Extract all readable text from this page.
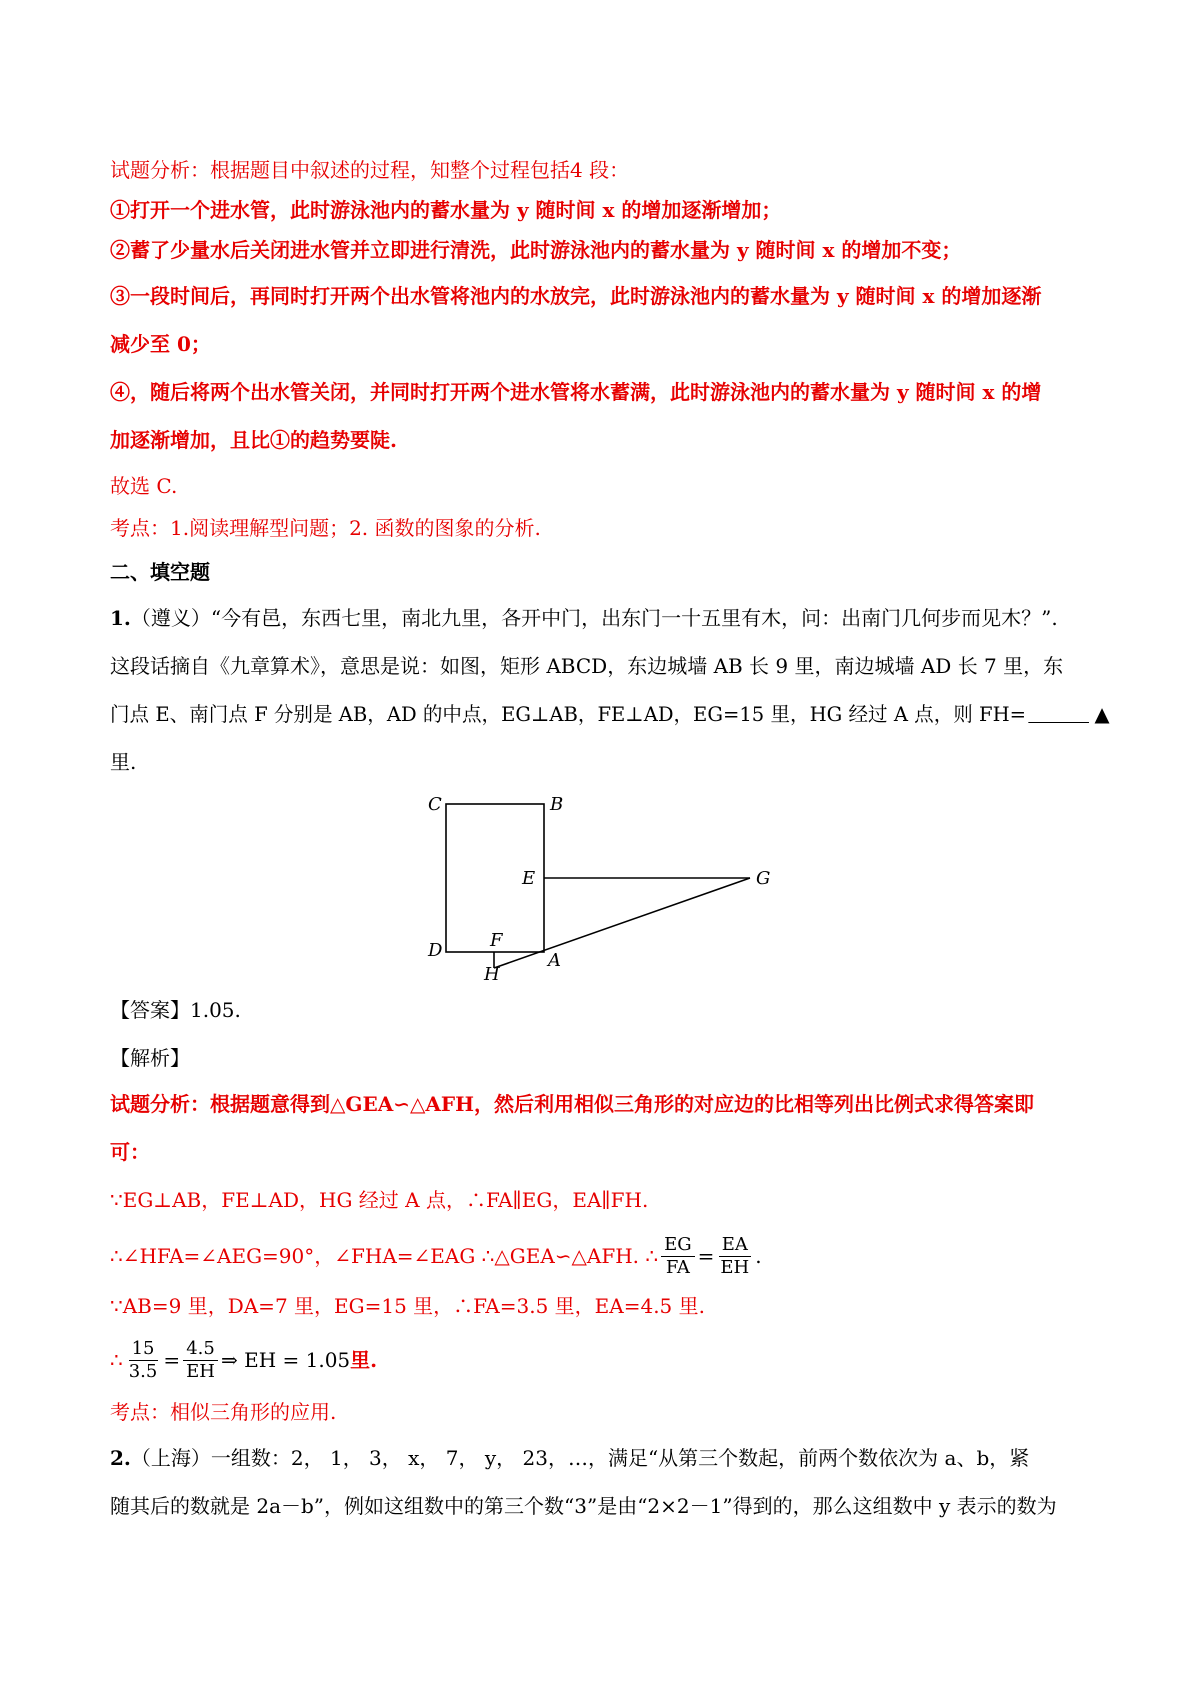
试题分析：根据题目中叙述的过程，知整个过程包括4 段：
①打开一个进水管，此时游泳池内的蓄水量为 y 随时间 x 的增加逐渐增加；
②蓄了少量水后关闭进水管并立即进行清洗，此时游泳池内的蓄水量为 y 随时间 x 的增加不变；
③一段时间后，再同时打开两个出水管将池内的水放完，此时游泳池内的蓄水量为 y 随时间 x 的增加逐渐
减少至 0；
④，随后将两个出水管关闭，并同时打开两个进水管将水蓄满，此时游泳池内的蓄水量为 y 随时间 x 的增
加逐渐增加，且比①的趋势要陡.
故选 C.
考点：1.阅读理解型问题；2. 函数的图象的分析.
二、填空题
1.（遵义）“今有邑，东西七里，南北九里，各开中门，出东门一十五里有木，问：出南门几何步而见木？”.
这段话摘自《九章算术》，意思是说：如图，矩形 ABCD，东边城墙 AB 长 9 里，南边城墙 AD 长 7 里，东
门点 E、南门点 F 分别是 AB，AD 的中点，EG⊥AB，FE⊥AD，EG=15 里，HG 经过 A 点，则 FH=	▲
里.
C	B
E	G
D	F
A
H
【答案】1.05.
【解析】
试题分析：根据题意得到△GEA∽△AFH，然后利用相似三角形的对应边的比相等列出比例式求得答案即
可：
∵EG⊥AB，FE⊥AD，HG 经过 A 点，∴FA∥EG，EA∥FH.
∴∠HFA=∠AEG=90°，∠FHA=∠EAG ∴△GEA∽△AFH. ∴ $\frac{EG}{FA} = \frac{EA}{EH}$ .
∵AB=9 里，DA=7 里，EG=15 里，∴FA=3.5 里，EA=4.5 里.
∴ $\frac{15}{3.5} = \frac{4.5}{EH}$ ⇒ EH = 1.05 里.
考点：相似三角形的应用.
2.（上海）一组数：2， 1， 3， x， 7， y， 23，…，满足“从第三个数起，前两个数依次为 a、b，紧
随其后的数就是 2a－b”，例如这组数中的第三个数“3”是由“2×2－1”得到的，那么这组数中 y 表示的数为
